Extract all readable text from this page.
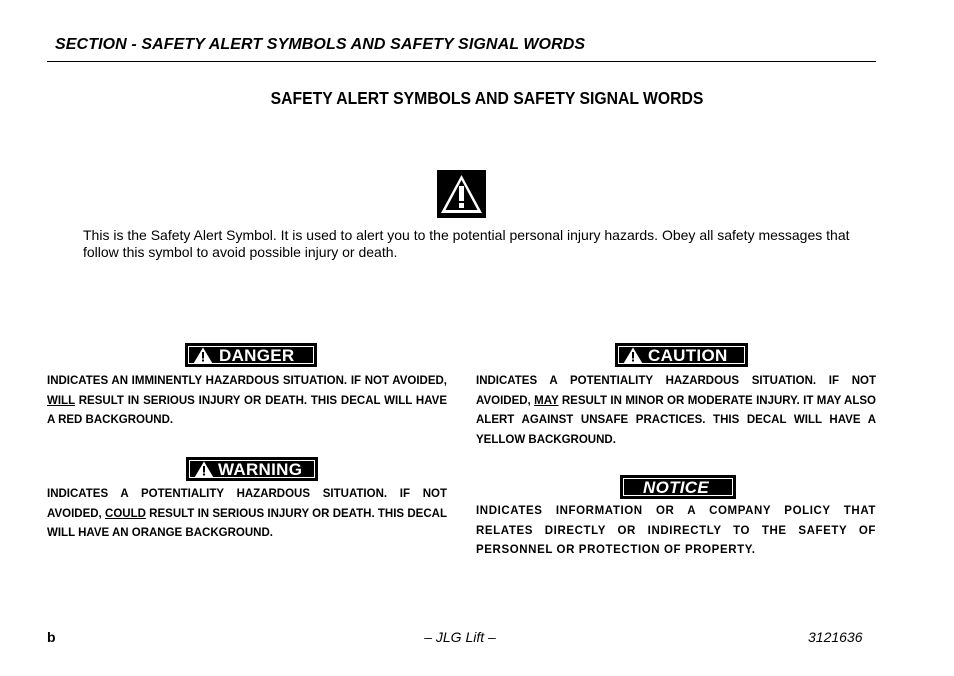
SECTION - SAFETY ALERT SYMBOLS AND SAFETY SIGNAL WORDS
SAFETY ALERT SYMBOLS AND SAFETY SIGNAL WORDS
This is the Safety Alert Symbol. It is used to alert you to the potential personal injury hazards. Obey all safety messages that follow this symbol to avoid possible injury or death.
DANGER
INDICATES AN IMMINENTLY HAZARDOUS SITUATION. IF NOT AVOIDED, WILL RESULT IN SERIOUS INJURY OR DEATH. THIS DECAL WILL HAVE A RED BACKGROUND.
WARNING
INDICATES A POTENTIALITY HAZARDOUS SITUATION. IF NOT AVOIDED, COULD RESULT IN SERIOUS INJURY OR DEATH. THIS DECAL WILL HAVE AN ORANGE BACKGROUND.
CAUTION
INDICATES A POTENTIALITY HAZARDOUS SITUATION. IF NOT AVOIDED, MAY RESULT IN MINOR OR MODERATE INJURY. IT MAY ALSO ALERT AGAINST UNSAFE PRACTICES. THIS DECAL WILL HAVE A YELLOW BACKGROUND.
NOTICE
INDICATES INFORMATION OR A COMPANY POLICY THAT RELATES DIRECTLY OR INDIRECTLY TO THE SAFETY OF PERSONNEL OR PROTECTION OF PROPERTY.
b	– JLG Lift –	3121636
